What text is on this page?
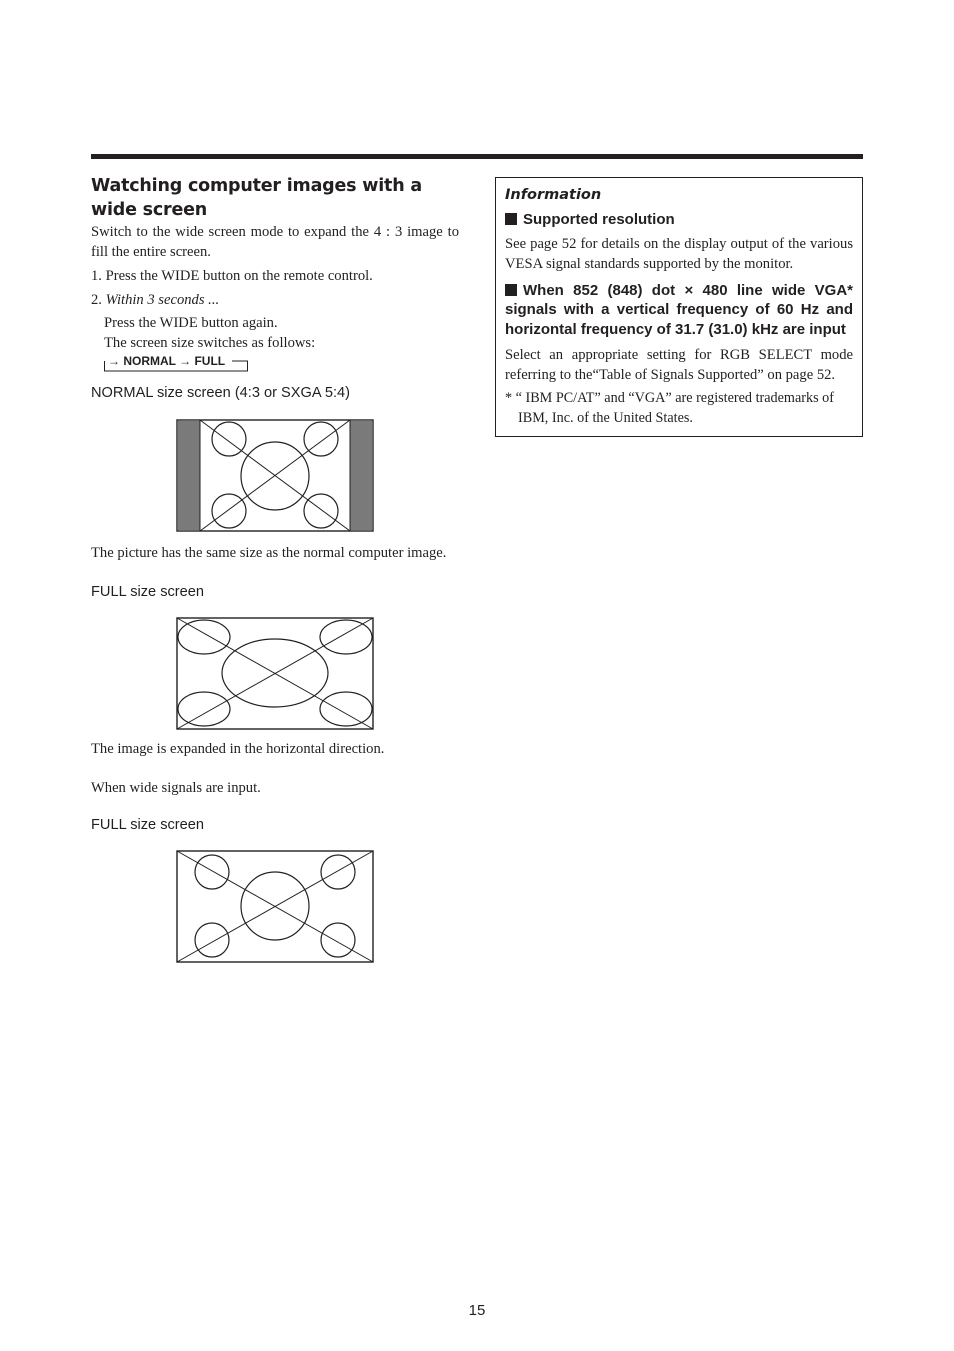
Watching computer images with a wide screen

Switch to the wide screen mode to expand the 4 : 3 image to fill the entire screen.

1. Press the WIDE button on the remote control.

2. Within 3 seconds ...

Press the WIDE button again.

The screen size switches as follows:

→ NORMAL → FULL

NORMAL size screen (4:3 or SXGA 5:4)

The picture has the same size as the normal computer image.

FULL size screen

The image is expanded in the horizontal direction.

When wide signals are input.

FULL size screen

Information

Supported resolution

See page 52 for details on the display output of the various VESA signal standards supported by the monitor.

When 852 (848) dot × 480 line wide VGA* signals with a vertical frequency of 60 Hz and horizontal frequency of 31.7 (31.0) kHz are input

Select an appropriate setting for RGB SELECT mode referring to the“Table of Signals Supported” on page 52.

* “ IBM PC/AT” and “VGA” are registered trademarks of IBM, Inc. of the United States.

15
